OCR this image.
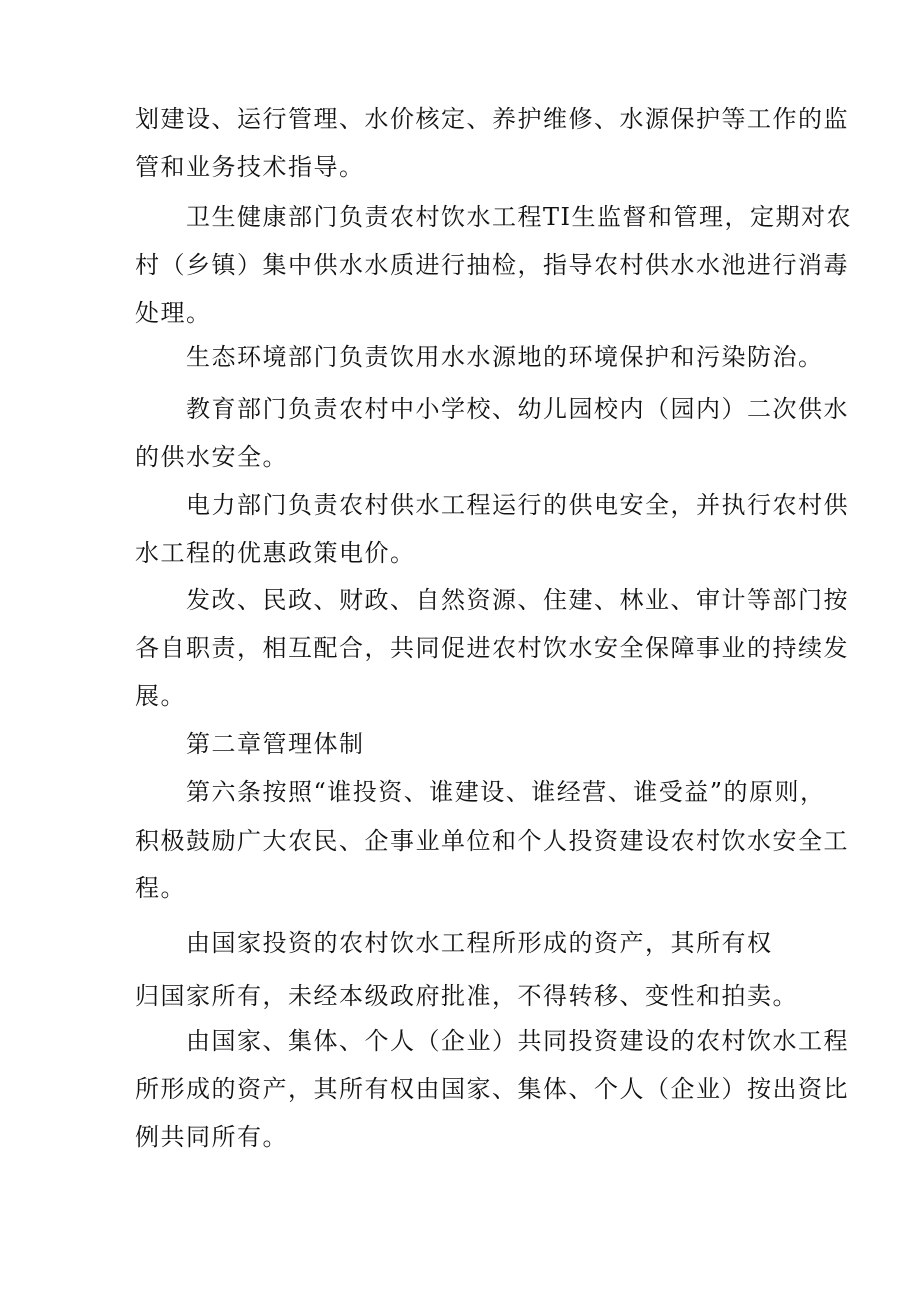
划建设、运行管理、水价核定、养护维修、水源保护等工作的监
管和业务技术指导。
卫生健康部门负责农村饮水工程TI生监督和管理，定期对农
村（乡镇）集中供水水质进行抽检，指导农村供水水池进行消毒
处理。
生态环境部门负责饮用水水源地的环境保护和污染防治。
教育部门负责农村中小学校、幼儿园校内（园内）二次供水
的供水安全。
电力部门负责农村供水工程运行的供电安全，并执行农村供
水工程的优惠政策电价。
发改、民政、财政、自然资源、住建、林业、审计等部门按
各自职责，相互配合，共同促进农村饮水安全保障事业的持续发
展。
第二章管理体制
第六条按照“谁投资、谁建设、谁经营、谁受益”的原则，
积极鼓励广大农民、企事业单位和个人投资建设农村饮水安全工
程。
由国家投资的农村饮水工程所形成的资产，其所有权
归国家所有，未经本级政府批准，不得转移、变性和拍卖。
由国家、集体、个人（企业）共同投资建设的农村饮水工程
所形成的资产，其所有权由国家、集体、个人（企业）按出资比
例共同所有。
